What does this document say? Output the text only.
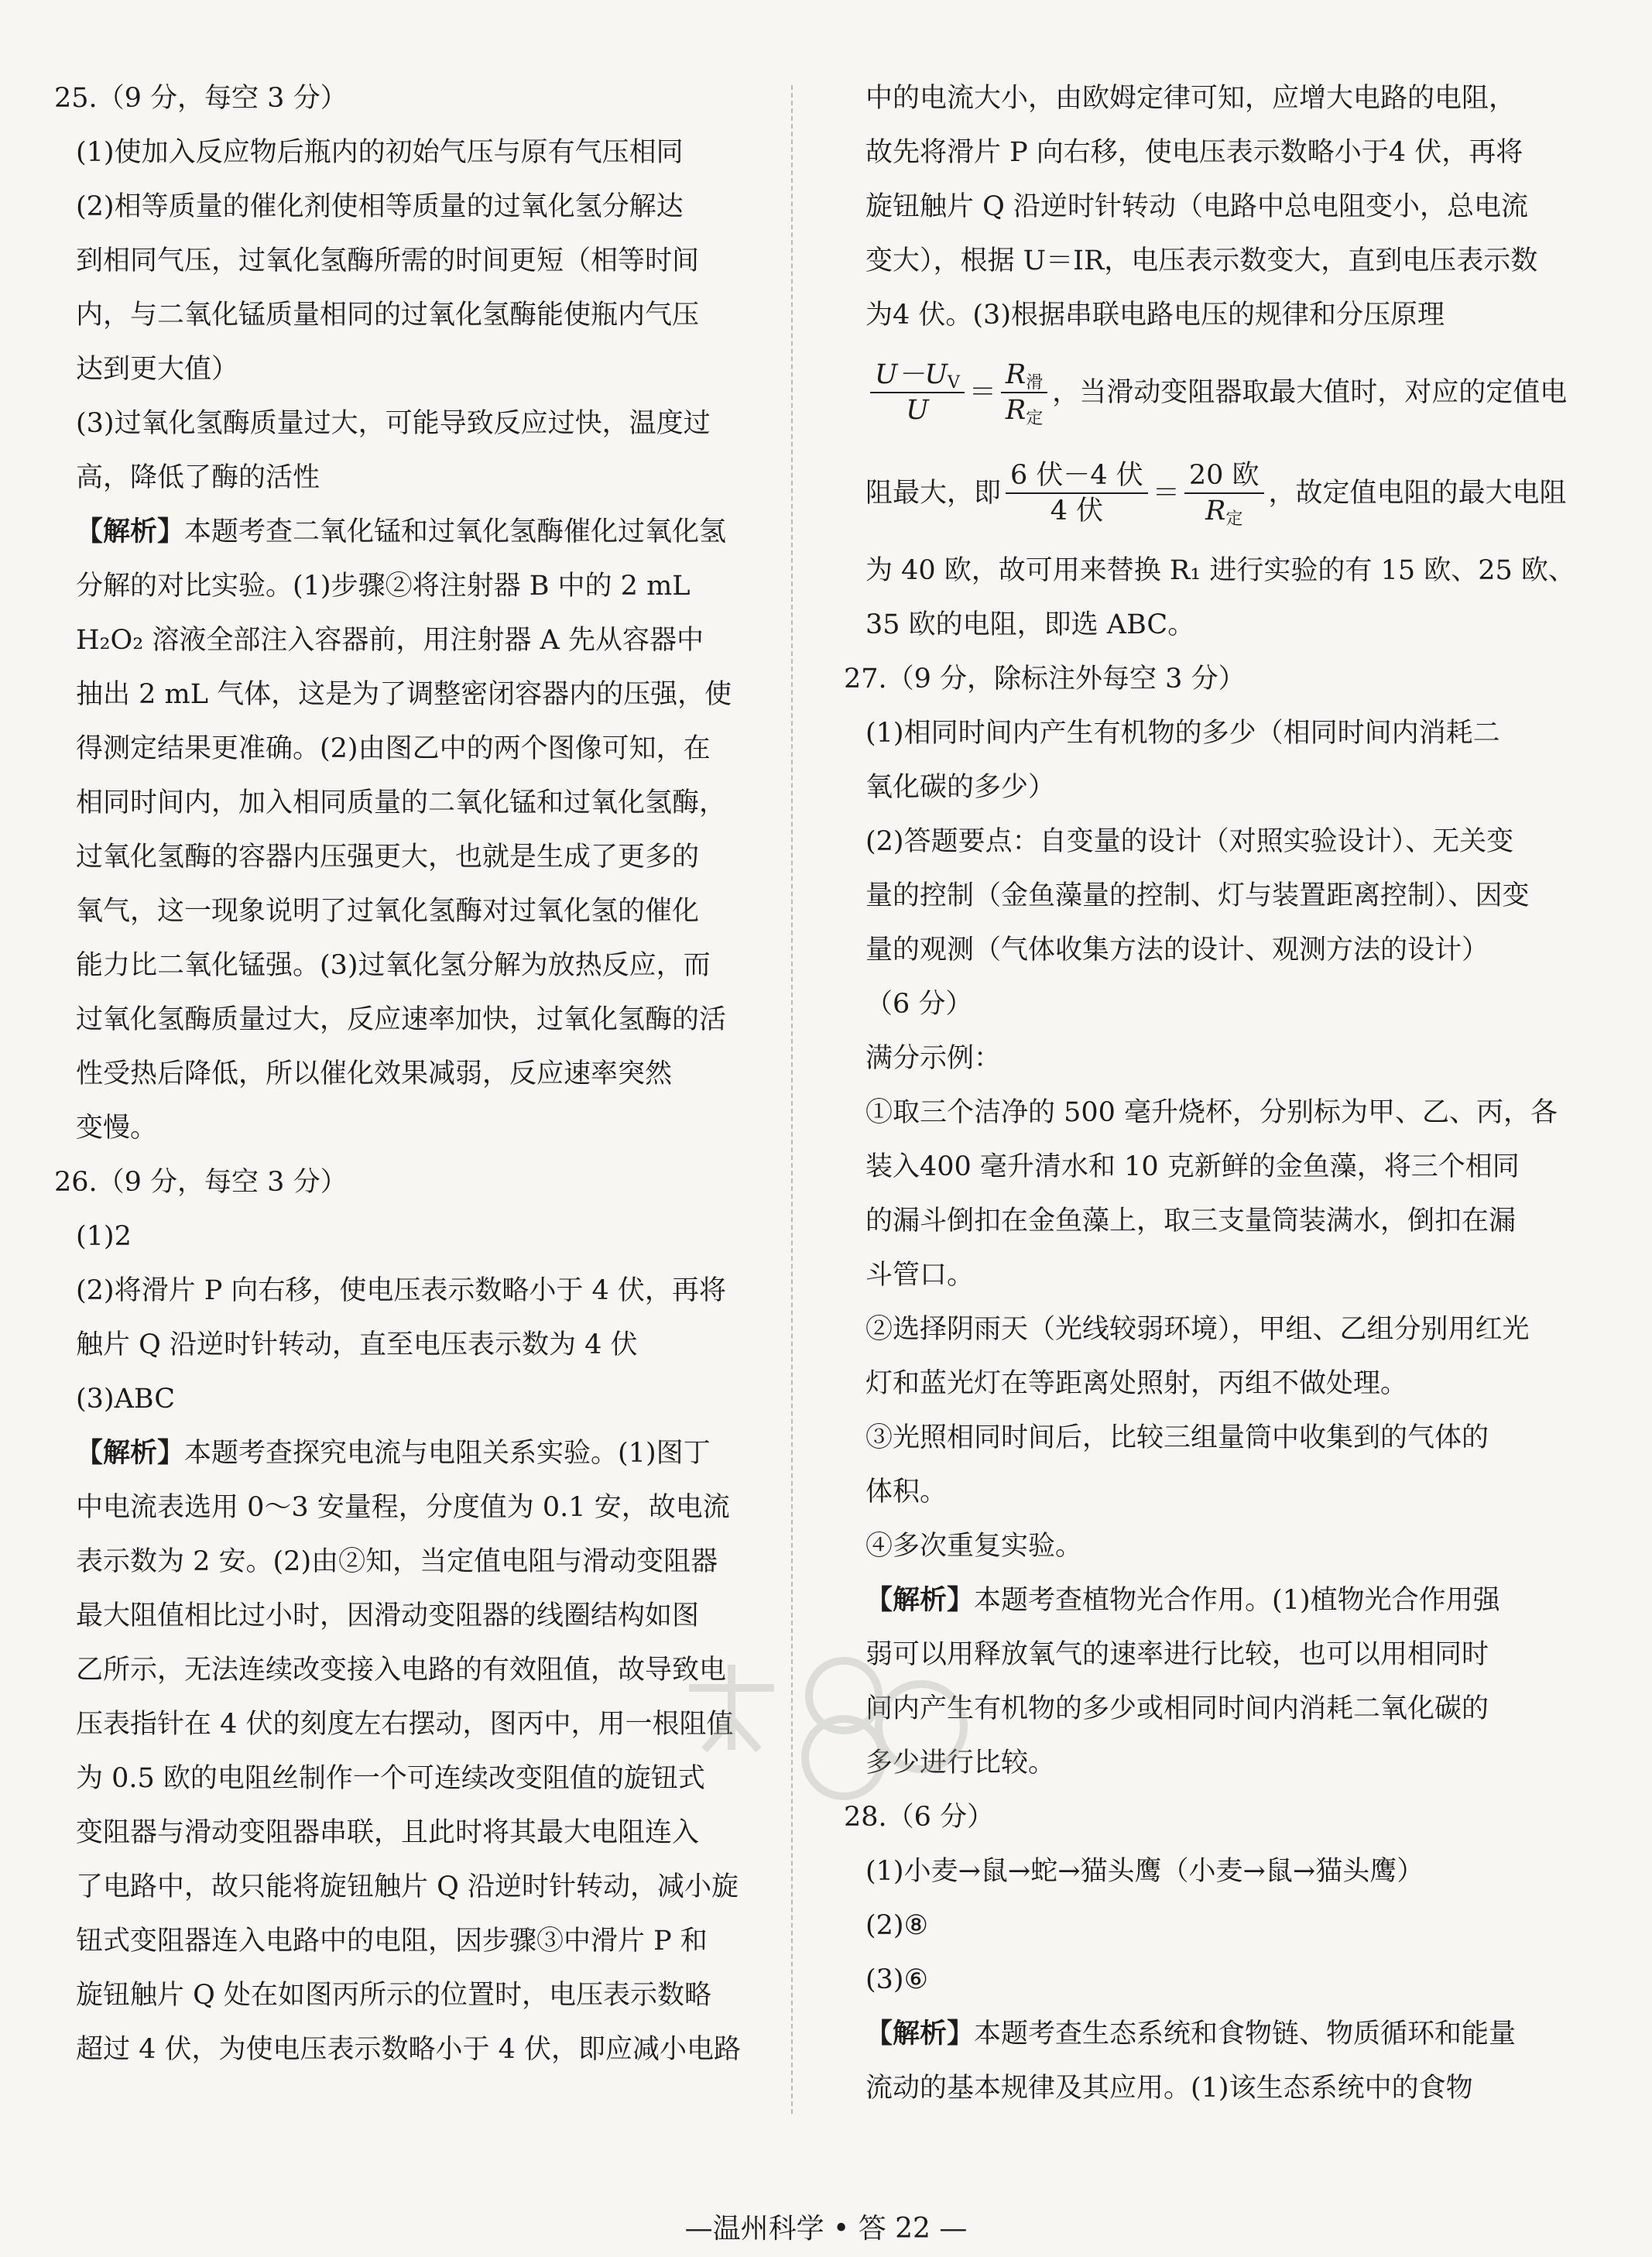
25.（9 分，每空 3 分）
(1)使加入反应物后瓶内的初始气压与原有气压相同
(2)相等质量的催化剂使相等质量的过氧化氢分解达
到相同气压，过氧化氢酶所需的时间更短（相等时间
内，与二氧化锰质量相同的过氧化氢酶能使瓶内气压
达到更大值）
(3)过氧化氢酶质量过大，可能导致反应过快，温度过
高，降低了酶的活性
【解析】本题考查二氧化锰和过氧化氢酶催化过氧化氢
分解的对比实验。(1)步骤②将注射器 B 中的 2 mL
H₂O₂ 溶液全部注入容器前，用注射器 A 先从容器中
抽出 2 mL 气体，这是为了调整密闭容器内的压强，使
得测定结果更准确。(2)由图乙中的两个图像可知，在
相同时间内，加入相同质量的二氧化锰和过氧化氢酶，
过氧化氢酶的容器内压强更大，也就是生成了更多的
氧气，这一现象说明了过氧化氢酶对过氧化氢的催化
能力比二氧化锰强。(3)过氧化氢分解为放热反应，而
过氧化氢酶质量过大，反应速率加快，过氧化氢酶的活
性受热后降低，所以催化效果减弱，反应速率突然
变慢。
26.（9 分，每空 3 分）
(1)2
(2)将滑片 P 向右移，使电压表示数略小于 4 伏，再将
触片 Q 沿逆时针转动，直至电压表示数为 4 伏
(3)ABC
【解析】本题考查探究电流与电阻关系实验。(1)图丁
中电流表选用 0～3 安量程，分度值为 0.1 安，故电流
表示数为 2 安。(2)由②知，当定值电阻与滑动变阻器
最大阻值相比过小时，因滑动变阻器的线圈结构如图
乙所示，无法连续改变接入电路的有效阻值，故导致电
压表指针在 4 伏的刻度左右摆动，图丙中，用一根阻值
为 0.5 欧的电阻丝制作一个可连续改变阻值的旋钮式
变阻器与滑动变阻器串联，且此时将其最大电阻连入
了电路中，故只能将旋钮触片 Q 沿逆时针转动，减小旋
钮式变阻器连入电路中的电阻，因步骤③中滑片 P 和
旋钮触片 Q 处在如图丙所示的位置时，电压表示数略
超过 4 伏，为使电压表示数略小于 4 伏，即应减小电路
中的电流大小，由欧姆定律可知，应增大电路的电阻，
故先将滑片 P 向右移，使电压表示数略小于4 伏，再将
旋钮触片 Q 沿逆时针转动（电路中总电阻变小，总电流
变大），根据 U＝IR，电压表示数变大，直到电压表示数
为4 伏。(3)根据串联电路电压的规律和分压原理
$\frac{U-U_V}{U} = \frac{R_滑}{R_定}$ ，当滑动变阻器取最大值时，对应的定值电
阻最大，即 $\frac{\text{6 伏－4 伏}}{\text{4 伏}} = \frac{\text{20 欧}}{R_定}$ ，故定值电阻的最大电阻
为 40 欧，故可用来替换 R₁ 进行实验的有 15 欧、25 欧、
35 欧的电阻，即选 ABC。
27.（9 分，除标注外每空 3 分）
(1)相同时间内产生有机物的多少（相同时间内消耗二
氧化碳的多少）
(2)答题要点：自变量的设计（对照实验设计）、无关变
量的控制（金鱼藻量的控制、灯与装置距离控制）、因变
量的观测（气体收集方法的设计、观测方法的设计）
（6 分）
满分示例：
①取三个洁净的 500 毫升烧杯，分别标为甲、乙、丙，各
装入400 毫升清水和 10 克新鲜的金鱼藻，将三个相同
的漏斗倒扣在金鱼藻上，取三支量筒装满水，倒扣在漏
斗管口。
②选择阴雨天（光线较弱环境），甲组、乙组分别用红光
灯和蓝光灯在等距离处照射，丙组不做处理。
③光照相同时间后，比较三组量筒中收集到的气体的
体积。
④多次重复实验。
【解析】本题考查植物光合作用。(1)植物光合作用强
弱可以用释放氧气的速率进行比较，也可以用相同时
间内产生有机物的多少或相同时间内消耗二氧化碳的
多少进行比较。
28.（6 分）
(1)小麦→鼠→蛇→猫头鹰（小麦→鼠→猫头鹰）
(2)⑧
(3)⑥
【解析】本题考查生态系统和食物链、物质循环和能量
流动的基本规律及其应用。(1)该生态系统中的食物
—温州科学 • 答 22 —
